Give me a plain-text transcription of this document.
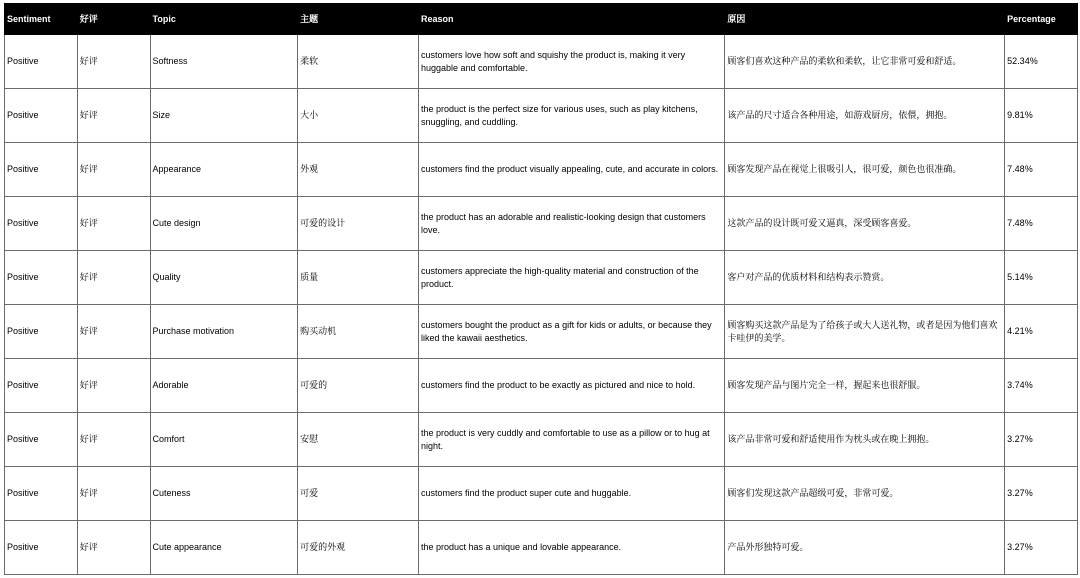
Sentiment	好评	Topic	主题	Reason	原因	Percentage
Positive	好评	Softness	柔软	customers love how soft and squishy the product is, making it very huggable and comfortable.	顾客们喜欢这种产品的柔软和柔软，让它非常可爱和舒适。	52.34%
Positive	好评	Size	大小	the product is the perfect size for various uses, such as play kitchens, snuggling, and cuddling.	该产品的尺寸适合各种用途，如游戏厨房，依偎，拥抱。	9.81%
Positive	好评	Appearance	外观	customers find the product visually appealing, cute, and accurate in colors.	顾客发现产品在视觉上很吸引人，很可爱，颜色也很准确。	7.48%
Positive	好评	Cute design	可爱的设计	the product has an adorable and realistic-looking design that customers love.	这款产品的设计既可爱又逼真，深受顾客喜爱。	7.48%
Positive	好评	Quality	质量	customers appreciate the high-quality material and construction of the product.	客户对产品的优质材料和结构表示赞赏。	5.14%
Positive	好评	Purchase motivation	购买动机	customers bought the product as a gift for kids or adults, or because they liked the kawaii aesthetics.	顾客购买这款产品是为了给孩子或大人送礼物，或者是因为他们喜欢卡哇伊的美学。	4.21%
Positive	好评	Adorable	可爱的	customers find the product to be exactly as pictured and nice to hold.	顾客发现产品与图片完全一样，握起来也很舒服。	3.74%
Positive	好评	Comfort	安慰	the product is very cuddly and comfortable to use as a pillow or to hug at night.	该产品非常可爱和舒适使用作为枕头或在晚上拥抱。	3.27%
Positive	好评	Cuteness	可爱	customers find the product super cute and huggable.	顾客们发现这款产品超级可爱，非常可爱。	3.27%
Positive	好评	Cute appearance	可爱的外观	the product has a unique and lovable appearance.	产品外形独特可爱。	3.27%
